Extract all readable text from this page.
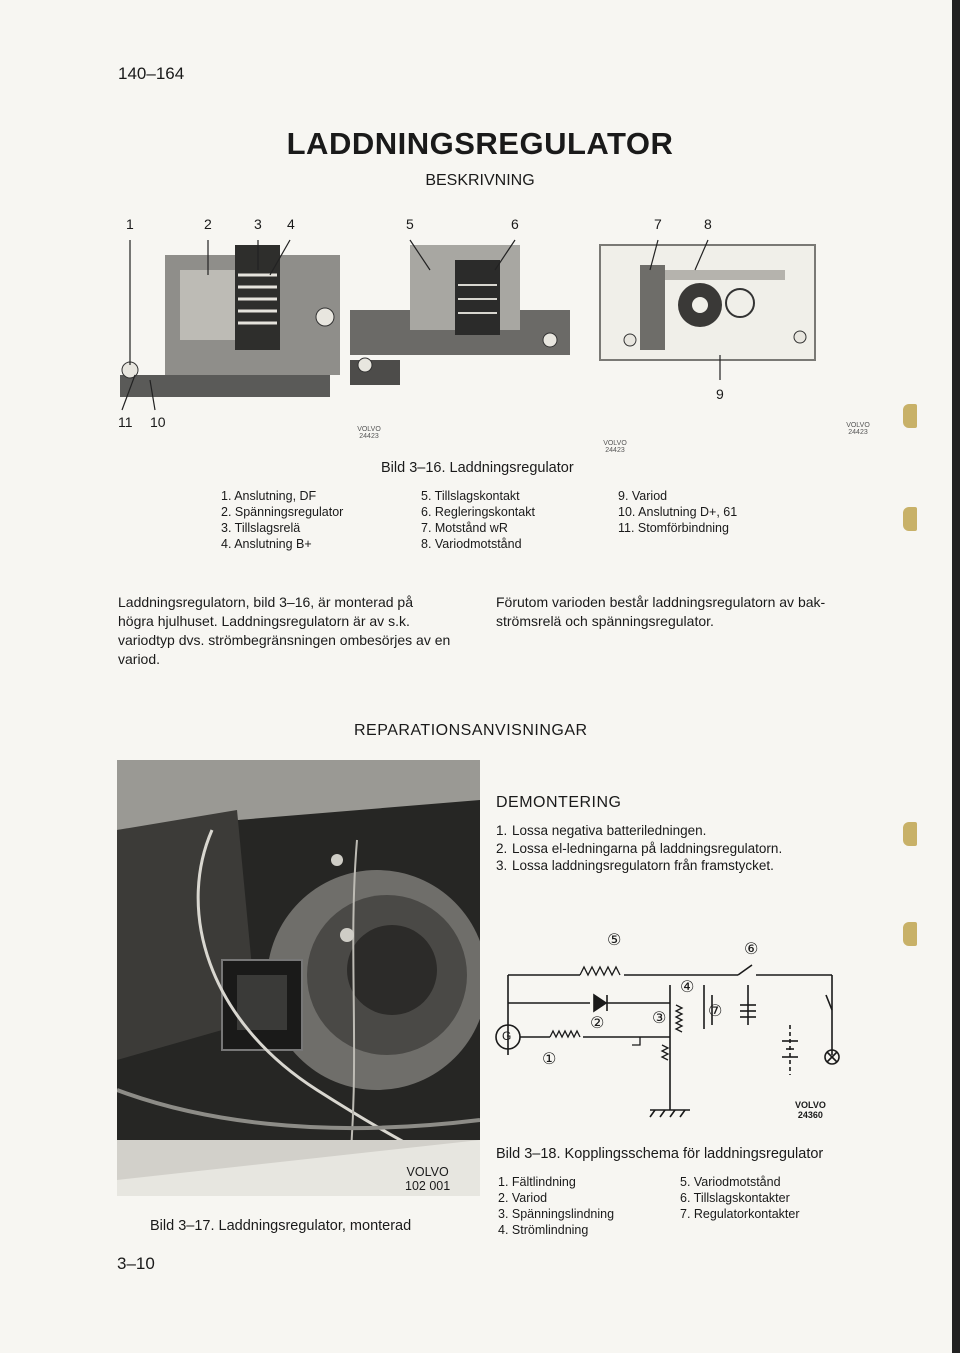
140–164
LADDNINGSREGULATOR
BESKRIVNING
1	2	3 4	5	6	7	8
9
11 10	VOLVO
24423
VOLVO
24423
VOLVO
24423
Bild 3–16. Laddningsregulator
1. Anslutning, DF
2. Spänningsregulator
3. Tillslagsrelä
4. Anslutning B+
5. Tillslagskontakt
6. Regleringskontakt
7. Motstånd wR
8. Variodmotstånd
9. Variod
10. Anslutning D+, 61
11. Stomförbindning
Laddningsregulatorn, bild 3–16, är monterad på
högra hjulhuset. Laddningsregulatorn är av s.k.
variodtyp dvs. strömbegränsningen ombesörjes av en
variod.
Förutom varioden består laddningsregulatorn av bak-
strömsrelä och spänningsregulator.
REPARATIONSANVISNINGAR
VOLVO
102 001
Bild 3–17. Laddningsregulator, monterad
DEMONTERING
1. Lossa negativa batteriledningen.
2. Lossa el-ledningarna på laddningsregulatorn.
3. Lossa laddningsregulatorn från framstycket.
⑤
⑥
④
②	③	⑦
①
G
VOLVO
24360
Bild 3–18. Kopplingsschema för laddningsregulator
1. Fältlindning
2. Variod
3. Spänningslindning
4. Strömlindning
5. Variodmotstånd
6. Tillslagskontakter
7. Regulatorkontakter
3–10
